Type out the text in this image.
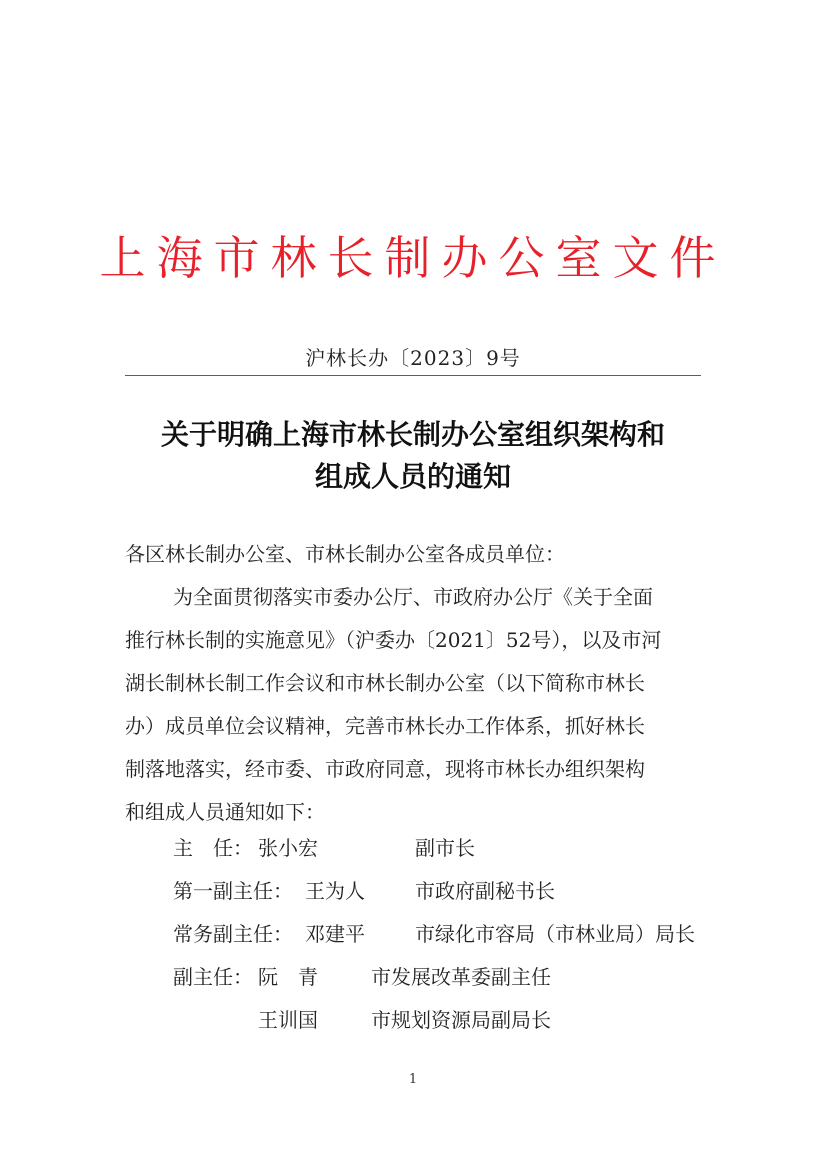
上海市林长制办公室文件
沪林长办〔2023〕9号
关于明确上海市林长制办公室组织架构和
组成人员的通知
各区林长制办公室、市林长制办公室各成员单位：
为全面贯彻落实市委办公厅、市政府办公厅《关于全面
推行林长制的实施意见》（沪委办〔2021〕52号），以及市河
湖长制林长制工作会议和市林长制办公室（以下简称市林长
办）成员单位会议精神，完善市林长办工作体系，抓好林长
制落地落实，经市委、市政府同意，现将市林长办组织架构
和组成人员通知如下：
主　任： 张小宏	副市长
第一副主任： 王为人	市政府副秘书长
常务副主任： 邓建平	市绿化市容局（市林业局）局长
副主任： 阮　青	市发展改革委副主任
王训国	市规划资源局副局长
1
